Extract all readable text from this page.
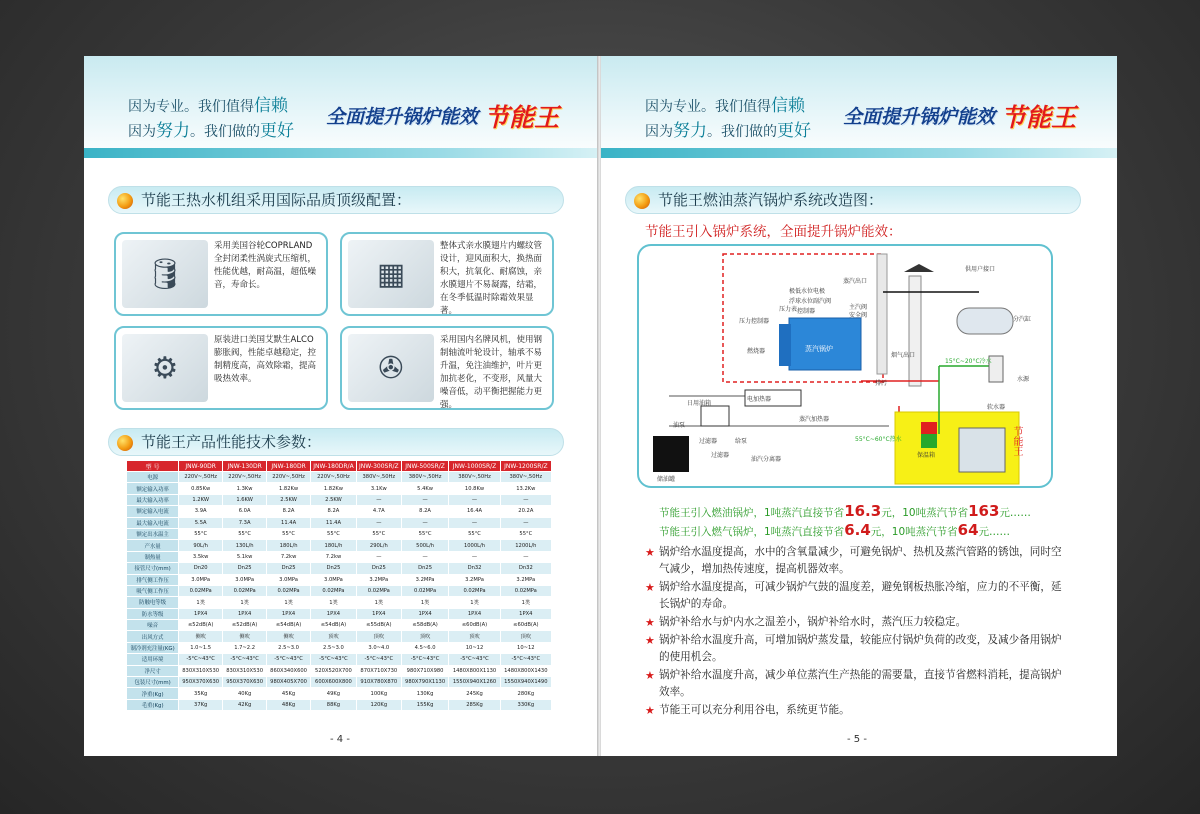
因为专业。我们值得信赖
因为努力。我们做的更好
全面提升锅炉能效 节能王
节能王热水机组采用国际品质顶级配置：
🛢
采用美国谷轮COPRLAND全封闭柔性涡旋式压缩机，性能优越，耐高温，超低噪音，寿命长。	▦
整体式亲水膜翅片内螺纹管设计，迎风面积大，换热面积大，抗氧化、耐腐蚀，亲水膜翅片不易凝露，结霜，在冬季低温时除霜效果显著。
⚙
原装进口美国艾默生ALCO膨胀阀，性能卓越稳定，控制精度高，高效除霜，提高吸热效率。	✇
采用国内名牌风机，使用钢制轴流叶轮设计，轴承不易升温，免注油维护，叶片更加抗老化，不变形，风量大噪音低，动平衡把握能力更强。
节能王产品性能技术参数：
型 号	JNW-90DR	JNW-130DR	JNW-180DR	JNW-180DR/A	JNW-300SR/Z	JNW-500SR/Z	JNW-1000SR/Z	JNW-1200SR/Z
电源	220V~,50Hz	220V~,50Hz	220V~,50Hz	220V~,50Hz	380V~,50Hz	380V~,50Hz	380V~,50Hz	380V~,50Hz
额定输入功率	0.85Kw	1.3Kw	1.82Kw	1.82Kw	3.1Kw	5.4Kw	10.8Kw	13.2Kw
最大输入功率	1.2KW	1.6KW	2.5KW	2.5KW	—	—	—	—
额定输入电流	3.9A	6.0A	8.2A	8.2A	4.7A	8.2A	16.4A	20.2A
最大输入电流	5.5A	7.3A	11.4A	11.4A	—	—	—	—
额定出水温主	55°C	55°C	55°C	55°C	55°C	55°C	55°C	55°C
产水量	90L/h	130L/h	180L/h	180L/h	290L/h	500L/h	1000L/h	1200L/h
制热量	3.5kw	5.1kw	7.2kw	7.2kw	—	—	—	—
接管尺寸(mm)	Dn20	Dn25	Dn25	Dn25	Dn25	Dn25	Dn32	Dn32
排气侧工作压	3.0MPa	3.0MPa	3.0MPa	3.0MPa	3.2MPa	3.2MPa	3.2MPa	3.2MPa
吸气侧工作压	0.02MPa	0.02MPa	0.02MPa	0.02MPa	0.02MPa	0.02MPa	0.02MPa	0.02MPa
防触电等级	1类	1类	1类	1类	1类	1类	1类	1类
防水等级	1PX4	1PX4	1PX4	1PX4	1PX4	1PX4	1PX4	1PX4
噪音	≤52dB(A)	≤52dB(A)	≤54dB(A)	≤54dB(A)	≤55dB(A)	≤58dB(A)	≤60dB(A)	≤60dB(A)
出风方式	侧吹	侧吹	侧吹	顶吹	顶吹	顶吹	顶吹	顶吹
制冷剂充注量(KG)	1.0~1.5	1.7~2.2	2.5~3.0	2.5~3.0	3.0~4.0	4.5~6.0	10~12	10~12
适用环境	-5°C~43°C	-5°C~43°C	-5°C~43°C	-5°C~43°C	-5°C~43°C	-5°C~43°C	-5°C~43°C	-5°C~43°C
净尺寸	830X310X530	830X310X530	860X340X600	520X520X700	870X710X730	980X710X980	1480X800X1130	1480X800X1430
包装尺寸(mm)	950X370X630	950X370X630	980X405X700	600X600X800	910X780X870	980X790X1130	1550X940X1260	1550X940X1490
净重(Kg)	35Kg	40Kg	45Kg	49Kg	100Kg	130Kg	245Kg	280Kg
毛重(Kg)	37Kg	42Kg	48Kg	88Kg	120Kg	155Kg	285Kg	330Kg
- 4 -
因为专业。我们值得信赖
因为努力。我们做的更好
全面提升锅炉能效 节能王
节能王燃油蒸汽锅炉系统改造图：
节能王引入锅炉系统，全面提升锅炉能效：
供用户接口
蒸汽出口
极低水位电极
浮球水位副汽阀
控制器
压力表	主汽阀
安全阀
压力控制器
燃烧器	蒸汽锅炉
烟气出口
排污
电加热器
蒸汽加热器
日用油箱
油泵
过滤器
过滤器
给泵
油汽分离器
储油罐
分汽缸
15°C~20°C冷水
水源
软水器
55°C~60°C热水
保温箱	节能王
节能王引入燃油锅炉，1吨蒸汽直接节省16.3元，10吨蒸汽节省163元……
节能王引入燃气锅炉，1吨蒸汽直接节省6.4元，10吨蒸汽节省64元……
★ 锅炉给水温度提高，水中的含氧量减少，可避免锅炉、热机及蒸汽管路的锈蚀，同时空气减少，增加热传速度，提高机器效率。
★ 锅炉给水温度提高，可减少锅炉气鼓的温度差，避免钢板热胀冷缩，应力的不平衡，延长锅炉的寿命。
★ 锅炉补给水与炉内水之温差小，锅炉补给水时，蒸汽压力较稳定。
★ 锅炉补给水温度升高，可增加锅炉蒸发量，较能应付锅炉负荷的改变，及减少备用锅炉的使用机会。
★ 锅炉补给水温度升高，减少单位蒸汽生产热能的需要量，直接节省燃料消耗，提高锅炉效率。
★ 节能王可以充分利用谷电，系统更节能。
- 5 -
